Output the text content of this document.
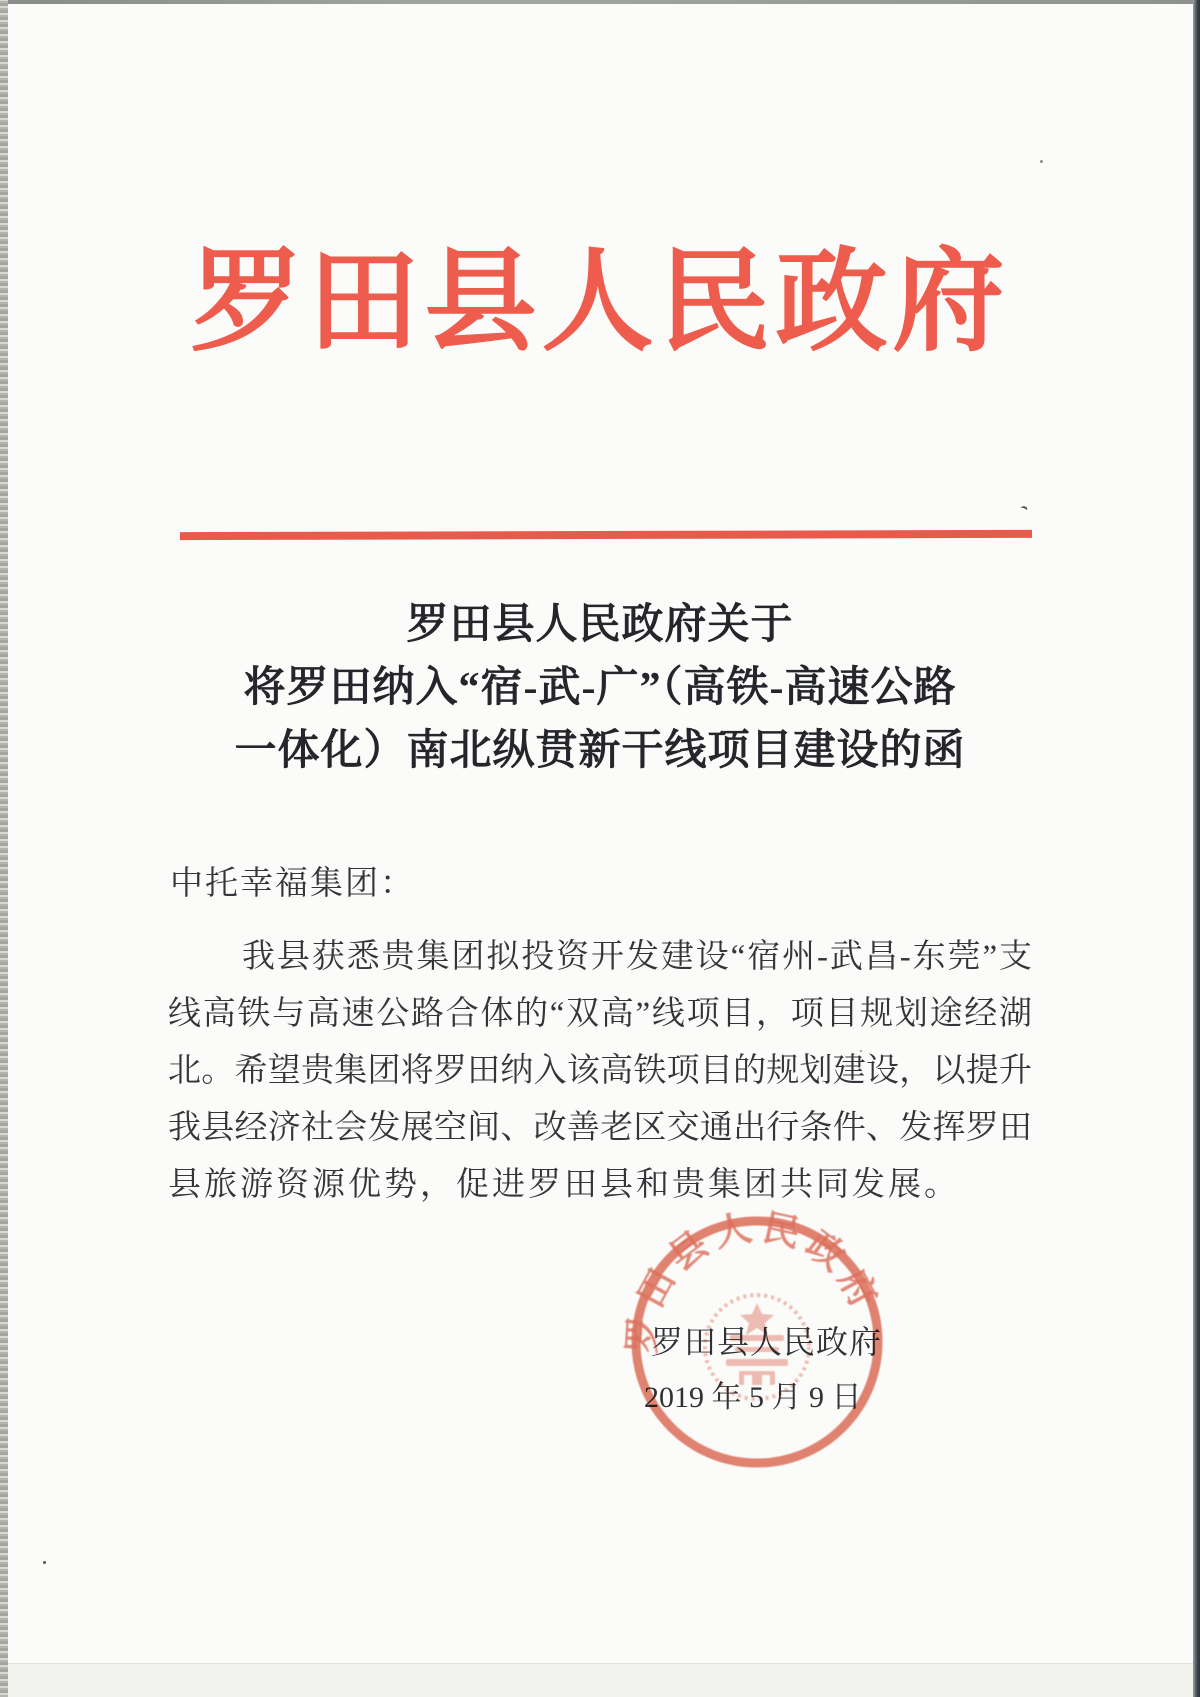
罗田县人民政府
罗田县人民政府关于
将罗田纳入“宿-武-广”（高铁-高速公路
一体化）南北纵贯新干线项目建设的函
中托幸福集团：
我县获悉贵集团拟投资开发建设“宿州-武昌-东莞”支
线高铁与高速公路合体的“双高”线项目，项目规划途经湖
北。希望贵集团将罗田纳入该高铁项目的规划建设，以提升
我县经济社会发展空间、改善老区交通出行条件、发挥罗田
县旅游资源优势，促进罗田县和贵集团共同发展。
罗田县人民政府
2019 年 5 月 9 日
罗田县人民政府
